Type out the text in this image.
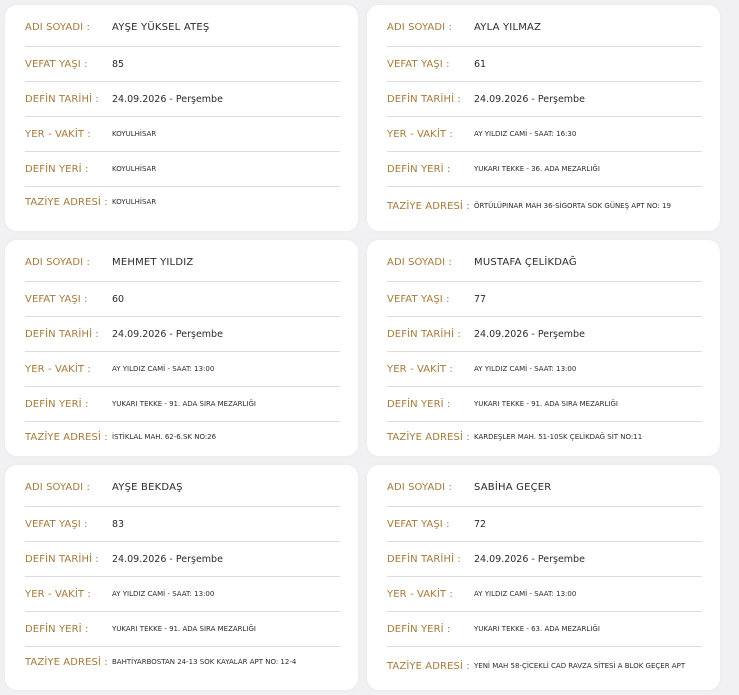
ADI SOYADI :	AYŞE YÜKSEL ATEŞ
VEFAT YAŞI :	85
DEFİN TARİHİ :	24.09.2026 - Perşembe
YER - VAKİT :	KOYULHİSAR
DEFİN YERİ :	KOYULHİSAR
TAZİYE ADRESİ : KOYULHİSAR
ADI SOYADI :	AYLA YILMAZ
VEFAT YAŞI :	61
DEFİN TARİHİ :	24.09.2026 - Perşembe
YER - VAKİT :	AY YILDIZ CAMİ - SAAT: 16:30
DEFİN YERİ :	YUKARI TEKKE - 36. ADA MEZARLIĞI
TAZİYE ADRESİ : ÖRTÜLÜPINAR MAH 36-SİGORTA SOK GÜNEŞ APT NO: 19
ADI SOYADI :	MEHMET YILDIZ
VEFAT YAŞI :	60
DEFİN TARİHİ :	24.09.2026 - Perşembe
YER - VAKİT :	AY YILDIZ CAMİ - SAAT: 13:00
DEFİN YERİ :	YUKARI TEKKE - 91. ADA SIRA MEZARLIĞI
TAZİYE ADRESİ : İSTİKLAL MAH. 62-6.SK NO:26
ADI SOYADI :	MUSTAFA ÇELİKDAĞ
VEFAT YAŞI :	77
DEFİN TARİHİ :	24.09.2026 - Perşembe
YER - VAKİT :	AY YILDIZ CAMİ - SAAT: 13:00
DEFİN YERİ :	YUKARI TEKKE - 91. ADA SIRA MEZARLIĞI
TAZİYE ADRESİ : KARDEŞLER MAH. 51-10SK ÇELİKDAĞ SİT NO:11
ADI SOYADI :	AYŞE BEKDAŞ
VEFAT YAŞI :	83
DEFİN TARİHİ :	24.09.2026 - Perşembe
YER - VAKİT :	AY YILDIZ CAMİ - SAAT: 13:00
DEFİN YERİ :	YUKARI TEKKE - 91. ADA SIRA MEZARLIĞI
TAZİYE ADRESİ : BAHTİYARBOSTAN 24-13 SOK KAYALAR APT NO: 12-4
ADI SOYADI :	SABİHA GEÇER
VEFAT YAŞI :	72
DEFİN TARİHİ :	24.09.2026 - Perşembe
YER - VAKİT :	AY YILDIZ CAMİ - SAAT: 13:00
DEFİN YERİ :	YUKARI TEKKE - 63. ADA MEZARLIĞI
TAZİYE ADRESİ : YENİ MAH 58-ÇİCEKLİ CAD RAVZA SİTESİ A BLOK GEÇER APT
